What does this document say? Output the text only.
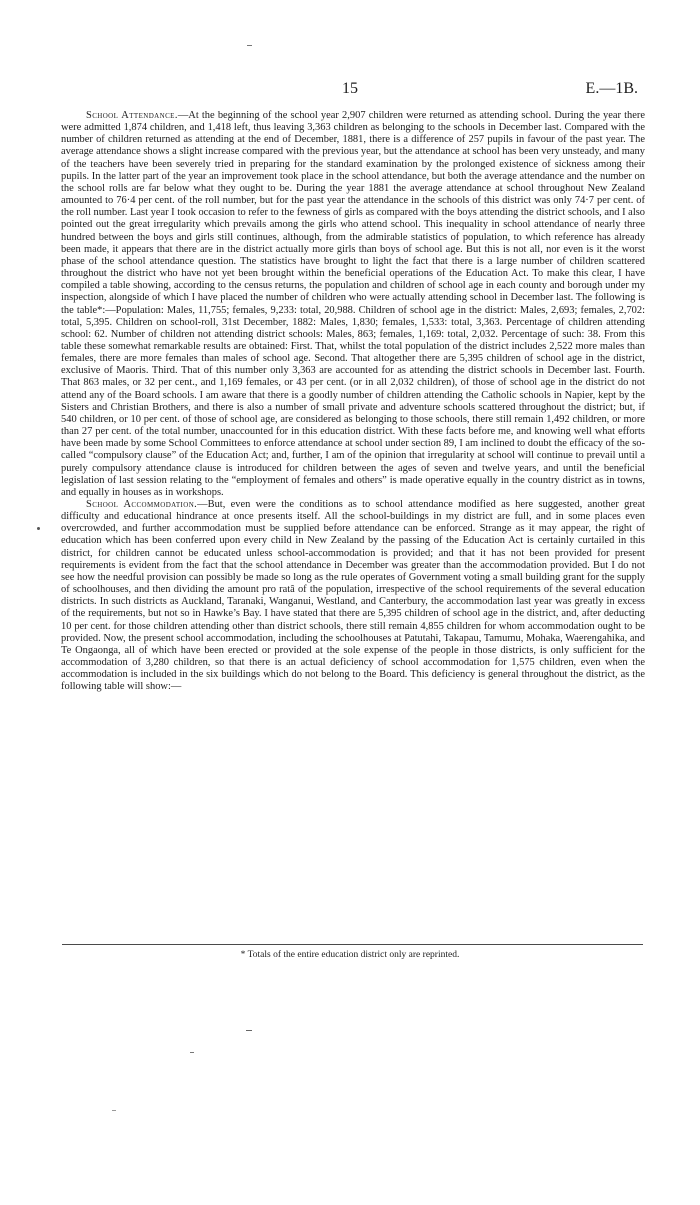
15	E.—1B.

School Attendance.—At the beginning of the school year 2,907 children were returned as attending school. During the year there were admitted 1,874 children, and 1,418 left, thus leaving 3,363 children as belonging to the schools in December last. Compared with the number of children returned as attending at the end of December, 1881, there is a difference of 257 pupils in favour of the past year. The average attendance shows a slight increase compared with the previous year, but the attendance at school has been very unsteady, and many of the teachers have been severely tried in preparing for the standard examination by the prolonged existence of sickness among their pupils. In the latter part of the year an improvement took place in the school attendance, but both the average attendance and the number on the school rolls are far below what they ought to be. During the year 1881 the average attendance at school throughout New Zealand amounted to 76·4 per cent. of the roll number, but for the past year the attendance in the schools of this district was only 74·7 per cent. of the roll number. Last year I took occasion to refer to the fewness of girls as compared with the boys attending the district schools, and I also pointed out the great irregularity which prevails among the girls who attend school. This inequality in school attendance of nearly three hundred between the boys and girls still continues, although, from the admirable statistics of population, to which reference has already been made, it appears that there are in the district actually more girls than boys of school age. But this is not all, nor even is it the worst phase of the school attendance question. The statistics have brought to light the fact that there is a large number of children scattered throughout the district who have not yet been brought within the beneficial operations of the Education Act. To make this clear, I have compiled a table showing, according to the census returns, the population and children of school age in each county and borough under my inspection, alongside of which I have placed the number of children who were actually attending school in December last. The following is the table*:—Population: Males, 11,755; females, 9,233: total, 20,988. Children of school age in the district: Males, 2,693; females, 2,702: total, 5,395. Children on school-roll, 31st December, 1882: Males, 1,830; females, 1,533: total, 3,363. Percentage of children attending school: 62. Number of children not attending district schools: Males, 863; females, 1,169: total, 2,032. Percentage of such: 38. From this table these somewhat remarkable results are obtained: First. That, whilst the total population of the district includes 2,522 more males than females, there are more females than males of school age. Second. That altogether there are 5,395 children of school age in the district, exclusive of Maoris. Third. That of this number only 3,363 are accounted for as attending the district schools in December last. Fourth. That 863 males, or 32 per cent., and 1,169 females, or 43 per cent. (or in all 2,032 children), of those of school age in the district do not attend any of the Board schools. I am aware that there is a goodly number of children attending the Catholic schools in Napier, kept by the Sisters and Christian Brothers, and there is also a number of small private and adventure schools scattered throughout the district; but, if 540 children, or 10 per cent. of those of school age, are considered as belonging to those schools, there still remain 1,492 children, or more than 27 per cent. of the total number, unaccounted for in this education district. With these facts before me, and knowing well what efforts have been made by some School Committees to enforce attendance at school under section 89, I am inclined to doubt the efficacy of the so-called “compulsory clause” of the Education Act; and, further, I am of the opinion that irregularity at school will continue to prevail until a purely compulsory attendance clause is introduced for children between the ages of seven and twelve years, and until the beneficial legislation of last session relating to the “employment of females and others” is made operative equally in the country district as in towns, and equally in houses as in workshops.

School Accommodation.—But, even were the conditions as to school attendance modified as here suggested, another great difficulty and educational hindrance at once presents itself. All the school-buildings in my district are full, and in some places even overcrowded, and further accommodation must be supplied before attendance can be enforced. Strange as it may appear, the right of education which has been conferred upon every child in New Zealand by the passing of the Education Act is certainly curtailed in this district, for children cannot be educated unless school-accommodation is provided; and that it has not been provided for present requirements is evident from the fact that the school attendance in December was greater than the accommodation provided. But I do not see how the needful provision can possibly be made so long as the rule operates of Government voting a small building grant for the supply of schoolhouses, and then dividing the amount pro ratâ of the population, irrespective of the school requirements of the several education districts. In such districts as Auckland, Taranaki, Wanganui, Westland, and Canterbury, the accommodation last year was greatly in excess of the requirements, but not so in Hawke’s Bay. I have stated that there are 5,395 children of school age in the district, and, after deducting 10 per cent. for those children attending other than district schools, there still remain 4,855 children for whom accommodation ought to be provided. Now, the present school accommodation, including the schoolhouses at Patutahi, Takapau, Tamumu, Mohaka, Waerengahika, and Te Ongaonga, all of which have been erected or provided at the sole expense of the people in those districts, is only sufficient for the accommodation of 3,280 children, so that there is an actual deficiency of school accommodation for 1,575 children, even when the accommodation is included in the six buildings which do not belong to the Board. This deficiency is general throughout the district, as the following table will show:—

* Totals of the entire education district only are reprinted.
